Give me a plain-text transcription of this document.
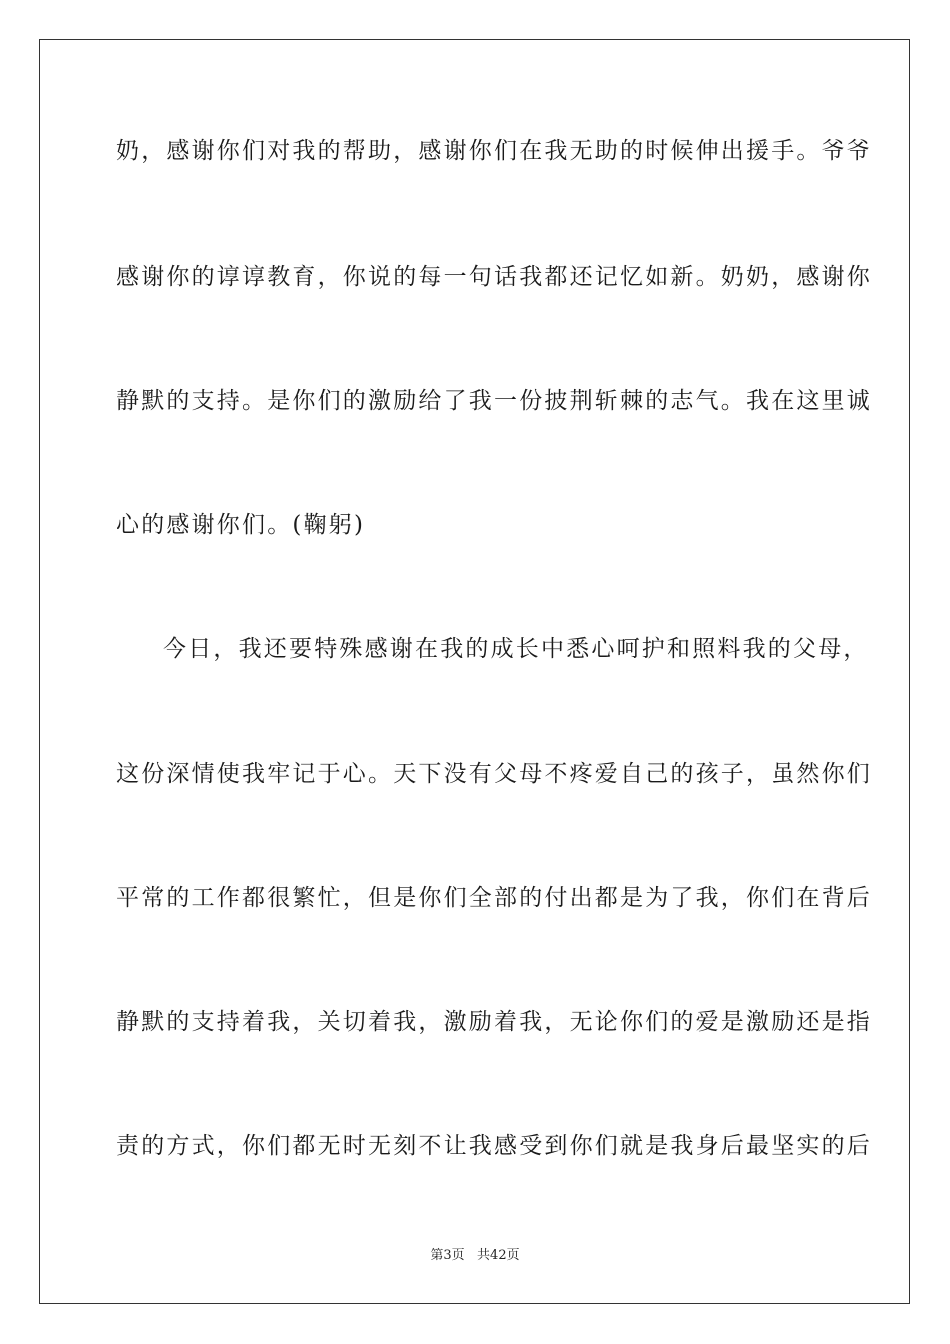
奶，感谢你们对我的帮助，感谢你们在我无助的时候伸出援手。爷爷
感谢你的谆谆教育，你说的每一句话我都还记忆如新。奶奶，感谢你
静默的支持。是你们的激励给了我一份披荆斩棘的志气。我在这里诚
心的感谢你们。(鞠躬)
今日，我还要特殊感谢在我的成长中悉心呵护和照料我的父母，
这份深情使我牢记于心。天下没有父母不疼爱自己的孩子，虽然你们
平常的工作都很繁忙，但是你们全部的付出都是为了我，你们在背后
静默的支持着我，关切着我，激励着我，无论你们的爱是激励还是指
责的方式，你们都无时无刻不让我感受到你们就是我身后最坚实的后
第3页   共42页
